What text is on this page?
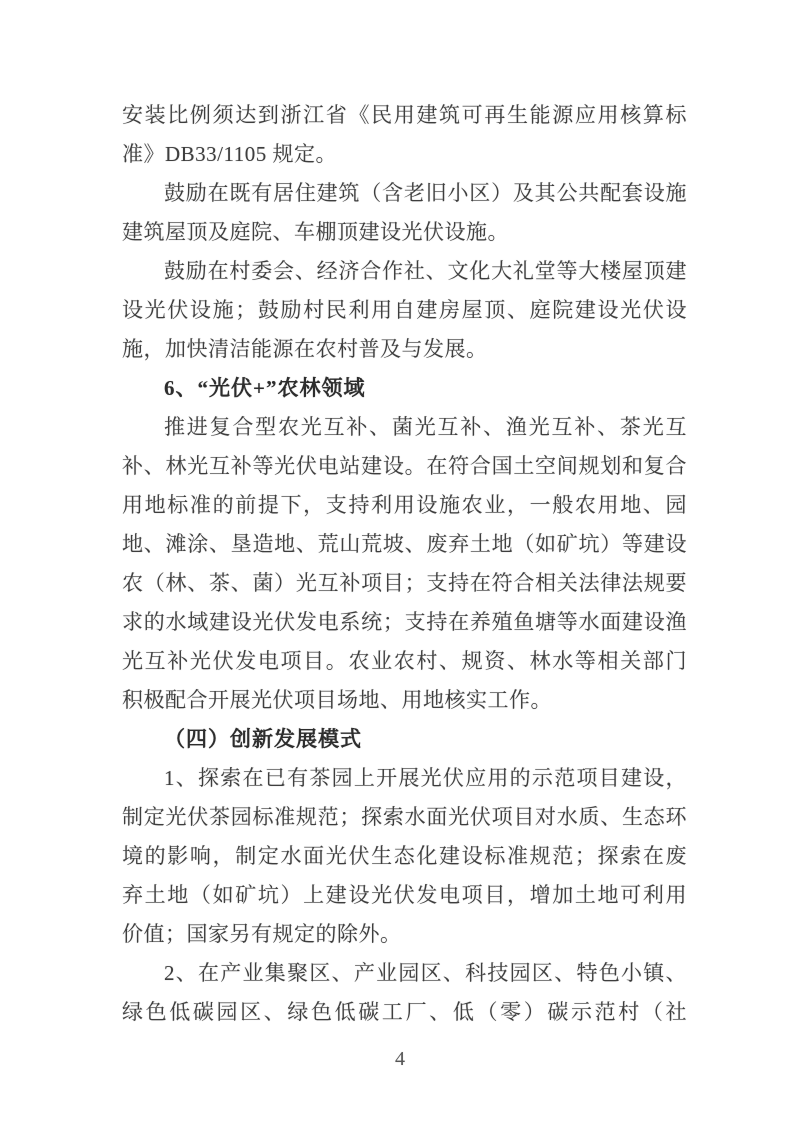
安装比例须达到浙江省《民用建筑可再生能源应用核算标
准》DB33/1105 规定。
鼓励在既有居住建筑（含老旧小区）及其公共配套设施
建筑屋顶及庭院、车棚顶建设光伏设施。
鼓励在村委会、经济合作社、文化大礼堂等大楼屋顶建
设光伏设施；鼓励村民利用自建房屋顶、庭院建设光伏设
施，加快清洁能源在农村普及与发展。
6、“光伏+”农林领域
推进复合型农光互补、菌光互补、渔光互补、茶光互
补、林光互补等光伏电站建设。在符合国土空间规划和复合
用地标准的前提下，支持利用设施农业，一般农用地、园
地、滩涂、垦造地、荒山荒坡、废弃土地（如矿坑）等建设
农（林、茶、菌）光互补项目；支持在符合相关法律法规要
求的水域建设光伏发电系统；支持在养殖鱼塘等水面建设渔
光互补光伏发电项目。农业农村、规资、林水等相关部门
积极配合开展光伏项目场地、用地核实工作。
（四）创新发展模式
1、探索在已有茶园上开展光伏应用的示范项目建设，
制定光伏茶园标准规范；探索水面光伏项目对水质、生态环
境的影响，制定水面光伏生态化建设标准规范；探索在废
弃土地（如矿坑）上建设光伏发电项目，增加土地可利用
价值；国家另有规定的除外。
2、在产业集聚区、产业园区、科技园区、特色小镇、
绿色低碳园区、绿色低碳工厂、低（零）碳示范村（社
4
